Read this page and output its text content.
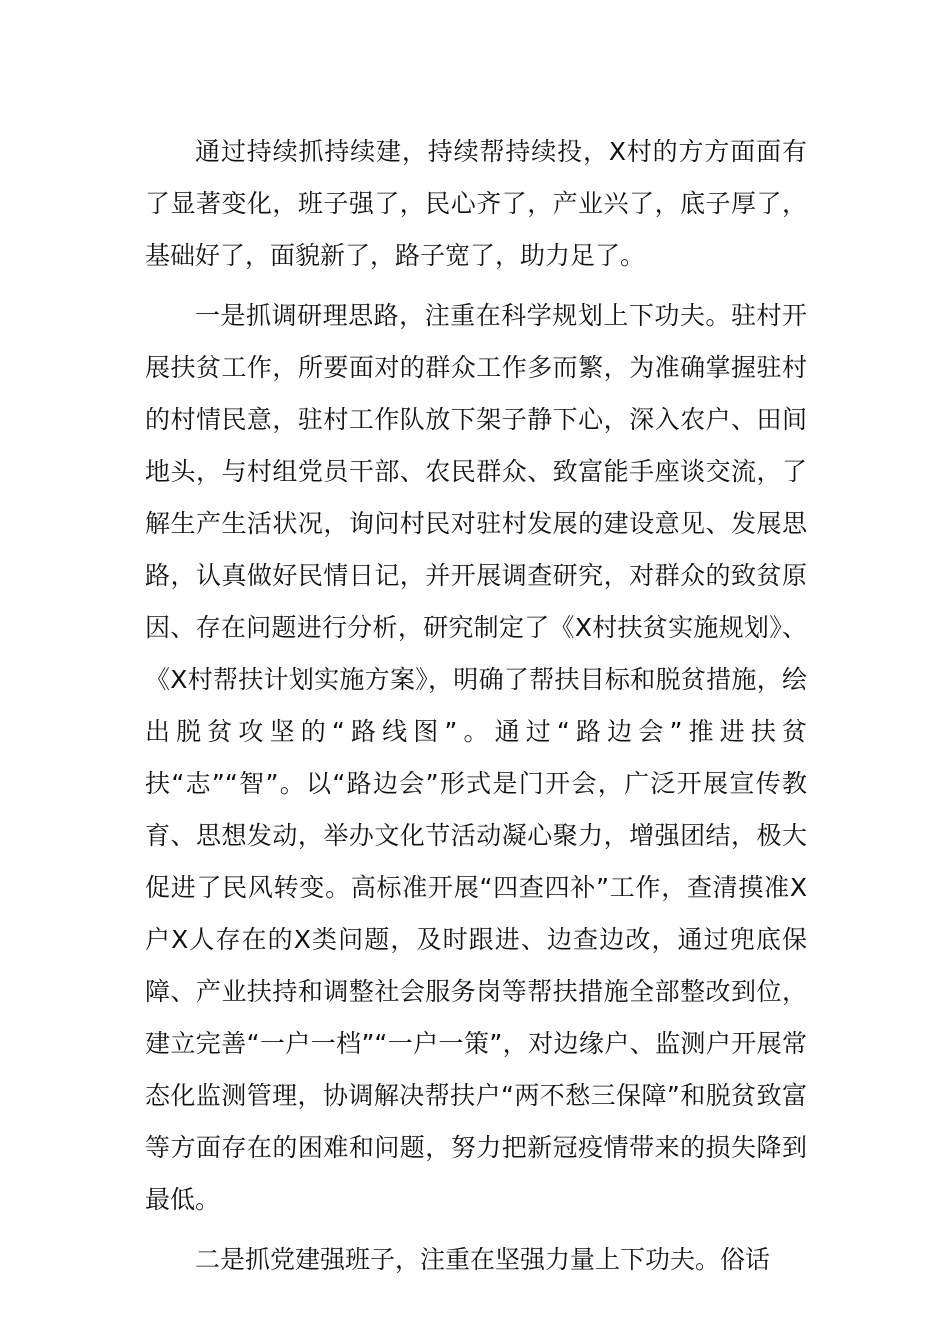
通过持续抓持续建，持续帮持续投，X村的方方面面有了显著变化，班子强了，民心齐了，产业兴了，底子厚了，基础好了，面貌新了，路子宽了，助力足了。

一是抓调研理思路，注重在科学规划上下功夫。驻村开展扶贫工作，所要面对的群众工作多而繁，为准确掌握驻村的村情民意，驻村工作队放下架子静下心，深入农户、田间地头，与村组党员干部、农民群众、致富能手座谈交流，了解生产生活状况，询问村民对驻村发展的建设意见、发展思路，认真做好民情日记，并开展调查研究，对群众的致贫原因、存在问题进行分析，研究制定了《X村扶贫实施规划》、《X村帮扶计划实施方案》，明确了帮扶目标和脱贫措施，绘出脱贫攻坚的“路线图”。通过“路边会”推进扶贫扶“志”“智”。以“路边会”形式是门开会，广泛开展宣传教育、思想发动，举办文化节活动凝心聚力，增强团结，极大促进了民风转变。高标准开展“四查四补”工作，查清摸准X户X人存在的X类问题，及时跟进、边查边改，通过兜底保障、产业扶持和调整社会服务岗等帮扶措施全部整改到位，建立完善“一户一档”“一户一策”，对边缘户、监测户开展常态化监测管理，协调解决帮扶户“两不愁三保障”和脱贫致富等方面存在的困难和问题，努力把新冠疫情带来的损失降到最低。

二是抓党建强班子，注重在坚强力量上下功夫。俗话
